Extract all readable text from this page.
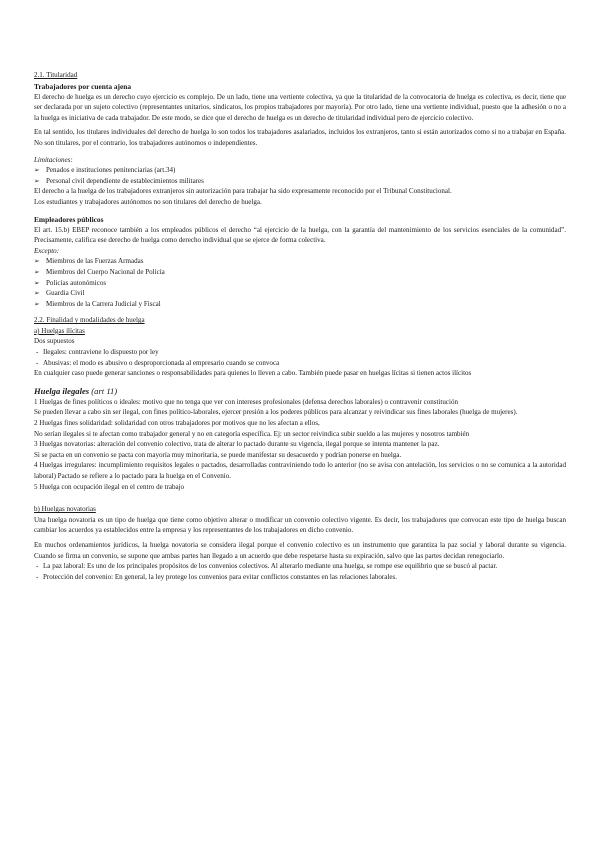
2.1. Titularidad
Trabajadores por cuenta ajena

El derecho de huelga es un derecho cuyo ejercicio es complejo. De un lado, tiene una vertiente colectiva, ya que la titularidad de la convocatoria de huelga es colectiva, es decir, tiene que ser declarada por un sujeto colectivo (representantes unitarios, sindicatos, los propios trabajadores por mayoría). Por otro lado, tiene una vertiente individual, puesto que la adhesión o no a la huelga es iniciativa de cada trabajador. De este modo, se dice que el derecho de huelga es un derecho de titularidad individual pero de ejercicio colectivo.

En tal sentido, los titulares individuales del derecho de huelga lo son todos los trabajadores asalariados, incluidos los extranjeros, tanto si están autorizados como si no a trabajar en España. No son titulares, por el contrario, los trabajadores autónomos o independientes.

Limitaciones:
➢ Penados e instituciones penitenciarias (art.34)
➢ Personal civil dependiente de establecimientos militares

El derecho a la huelga de los trabajadores extranjeros sin autorización para trabajar ha sido expresamente reconocido por el Tribunal Constitucional.

Los estudiantes y trabajadores autónomos no son titulares del derecho de huelga.

Empleadores públicos

El art. 15.b) EBEP reconoce también a los empleados públicos el derecho “al ejercicio de la huelga, con la garantía del mantenimiento de los servicios esenciales de la comunidad”. Precisamente, califica ese derecho de huelga como derecho individual que se ejerce de forma colectiva.

Excepto:
➢ Miembros de las Fuerzas Armadas
➢ Miembros del Cuerpo Nacional de Policía
➢ Policías autonómicos
➢ Guardia Civil
➢ Miembros de la Carrera Judicial y Fiscal
2.2. Finalidad y modalidades de huelga
a) Huelgas ilícitas
Dos supuestos
- Ilegales: contraviene lo dispuesto por ley
- Abusivas: el modo es abusivo o desproporcionada al empresario cuando se convoca

En cualquier caso puede generar sanciones o responsabilidades para quienes lo lleven a cabo. También puede pasar en huelgas lícitas si tienen actos ilícitos

Huelga ilegales (art 11)

1 Huelgas de fines políticos o ideales: motivo que no tenga que ver con intereses profesionales (defensa derechos laborales) o contravenir constitución

Se pueden llevar a cabo sin ser ilegal, con fines político-laborales, ejercer presión a los poderes públicos para alcanzar y reivindicar sus fines laborales (huelga de mujeres).

2 Huelgas fines solidaridad: solidaridad con otros trabajadores por motivos que no les afectan a ellos,

No serían ilegales si te afectan como trabajador general y no en categoría específica. Ej: un sector reivindica subir sueldo a las mujeres y nosotros también

3 Huelgas novatorias: alteración del convenio colectivo, trata de alterar lo pactado durante su vigencia, ilegal porque se intenta mantener la paz.

Si se pacta en un convenio se pacta con mayoría muy minoritaria, se puede manifestar su desacuerdo y podrían ponerse en huelga.

4 Huelgas irregulares: incumplimiento requisitos legales o pactados, desarrolladas contraviniendo todo lo anterior (no se avisa con antelación, los servicios o no se comunica a la autoridad laboral) Pactado se refiere a lo pactado para la huelga en el Convenio.

5 Huelga con ocupación ilegal en el centro de trabajo

b) Huelgas novatorias

Una huelga novatoria es un tipo de huelga que tiene como objetivo alterar o modificar un convenio colectivo vigente. Es decir, los trabajadores que convocan este tipo de huelga buscan cambiar los acuerdos ya establecidos entre la empresa y los representantes de los trabajadores en dicho convenio.

En muchos ordenamientos jurídicos, la huelga novatoria se considera ilegal porque el convenio colectivo es un instrumento que garantiza la paz social y laboral durante su vigencia. Cuando se firma un convenio, se supone que ambas partes han llegado a un acuerdo que debe respetarse hasta su expiración, salvo que las partes decidan renegociarlo.

- La paz laboral: Es uno de los principales propósitos de los convenios colectivos. Al alterarlo mediante una huelga, se rompe ese equilibrio que se buscó al pactar.
- Protección del convenio: En general, la ley protege los convenios para evitar conflictos constantes en las relaciones laborales.
